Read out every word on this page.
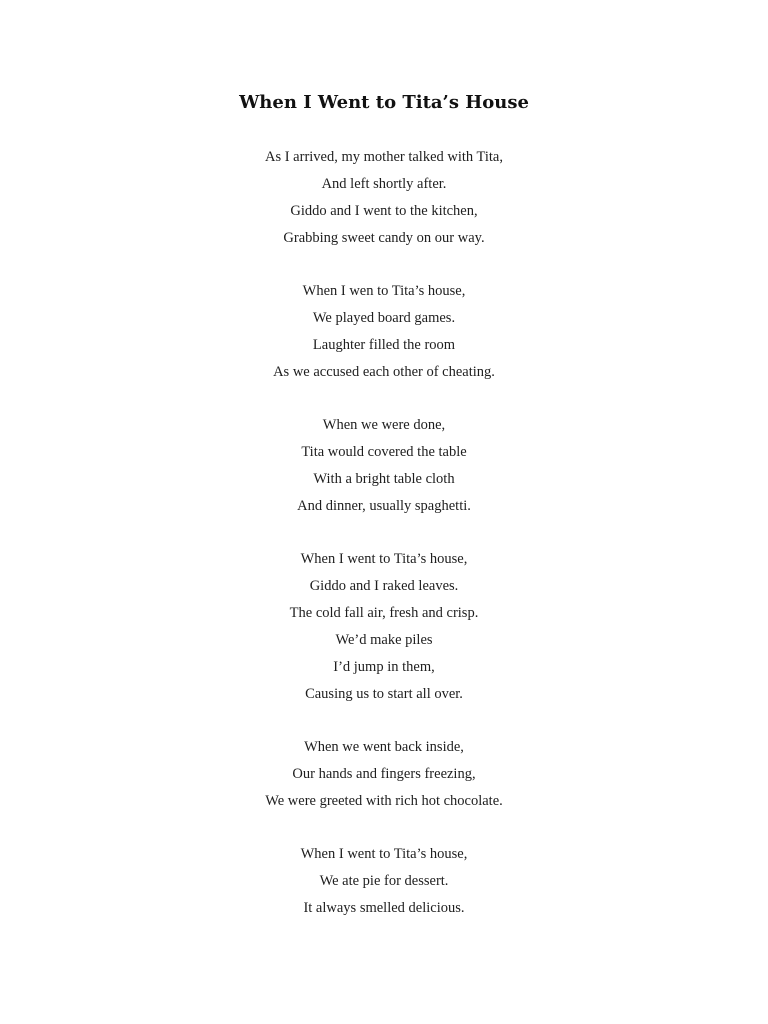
When I Went to Tita’s House
As I arrived, my mother talked with Tita,
And left shortly after.
Giddo and I went to the kitchen,
Grabbing sweet candy on our way.
When I wen to Tita’s house,
We played board games.
Laughter filled the room
As we accused each other of cheating.
When we were done,
Tita would covered the table
With a bright table cloth
And dinner, usually spaghetti.
When I went to Tita’s house,
Giddo and I raked leaves.
The cold fall air, fresh and crisp.
We’d make piles
I’d jump in them,
Causing us to start all over.
When we went back inside,
Our hands and fingers freezing,
We were greeted with rich hot chocolate.
When I went to Tita’s house,
We ate pie for dessert.
It always smelled delicious.
